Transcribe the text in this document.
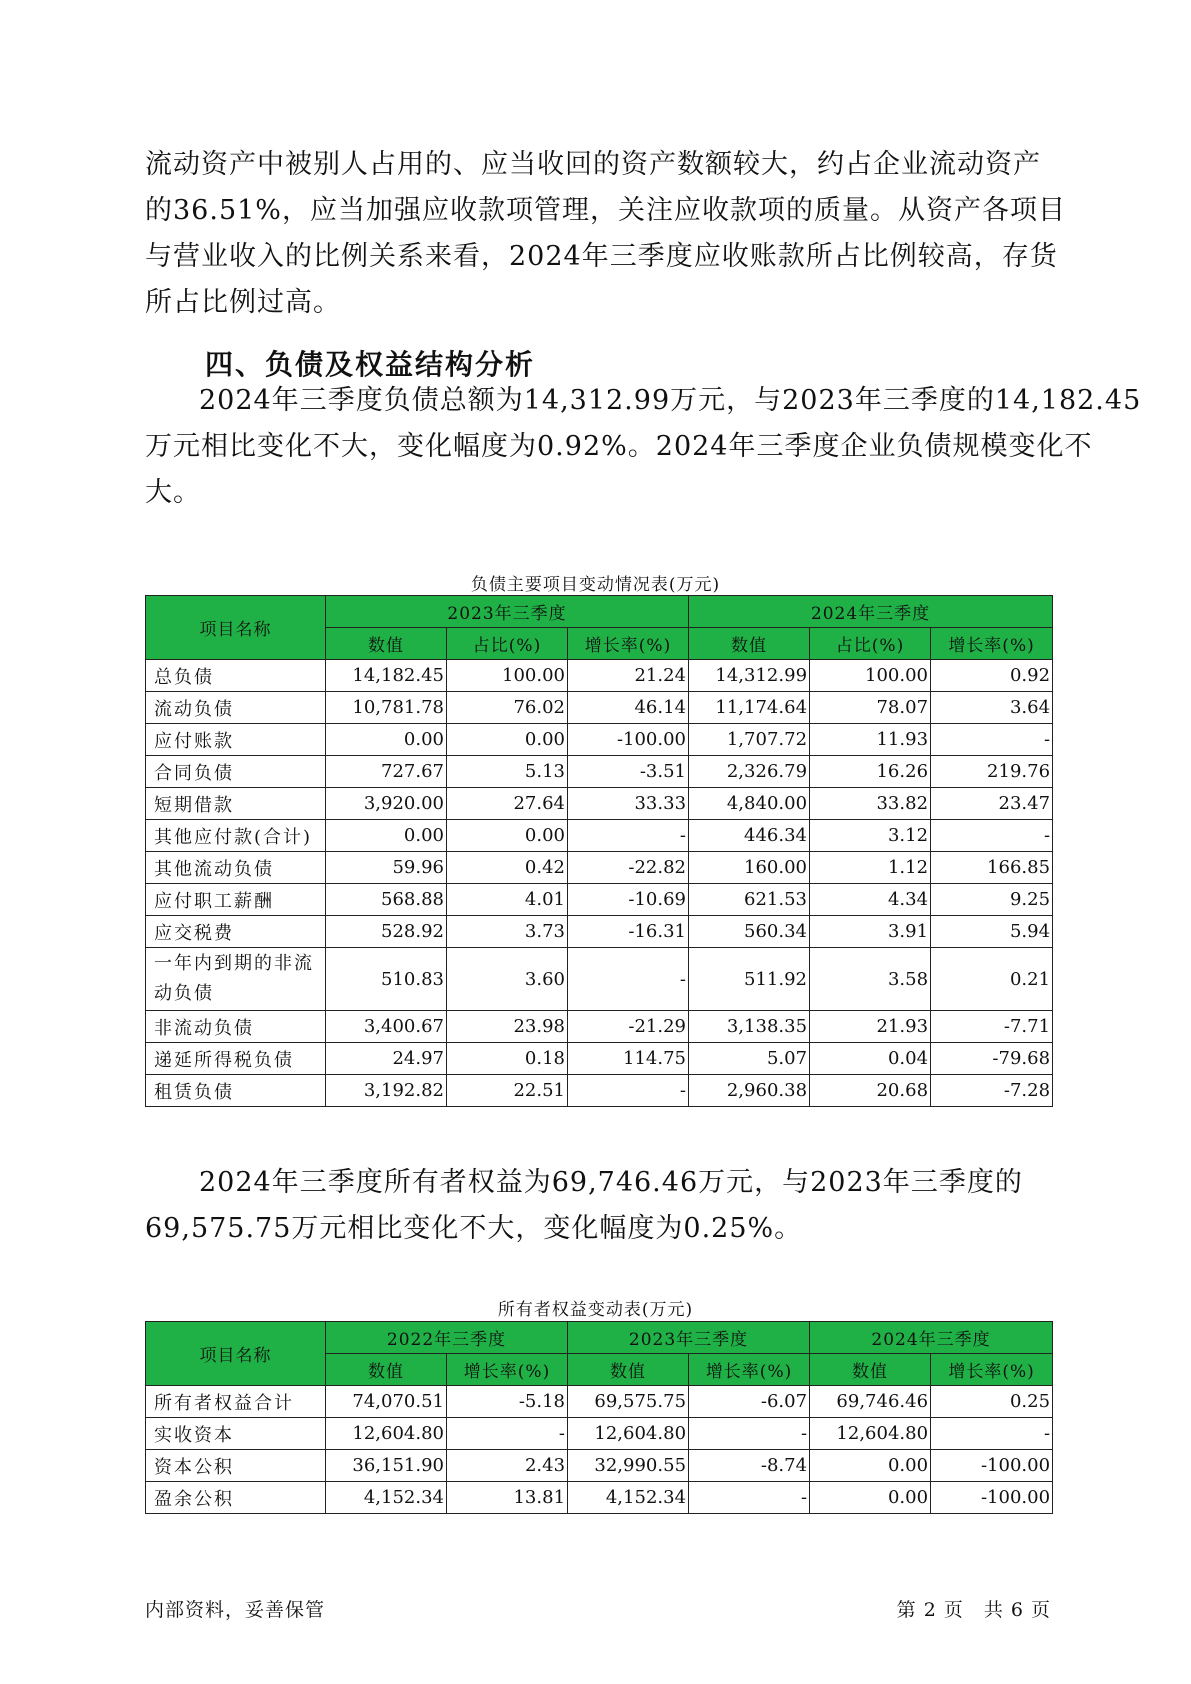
流动资产中被别人占用的、应当收回的资产数额较大，约占企业流动资产
的36.51%，应当加强应收款项管理，关注应收款项的质量。从资产各项目
与营业收入的比例关系来看，2024年三季度应收账款所占比例较高，存货
所占比例过高。
四、负债及权益结构分析
2024年三季度负债总额为14,312.99万元，与2023年三季度的14,182.45
万元相比变化不大，变化幅度为0.92%。2024年三季度企业负债规模变化不
大。
负债主要项目变动情况表(万元)
项目名称	2023年三季度			2024年三季度		
	数值	占比(%)	增长率(%)	数值	占比(%)	增长率(%)
总负债	14,182.45	100.00	21.24	14,312.99	100.00	0.92
流动负债	10,781.78	76.02	46.14	11,174.64	78.07	3.64
应付账款	0.00	0.00	-100.00	1,707.72	11.93	-
合同负债	727.67	5.13	-3.51	2,326.79	16.26	219.76
短期借款	3,920.00	27.64	33.33	4,840.00	33.82	23.47
其他应付款(合计)	0.00	0.00	-	446.34	3.12	-
其他流动负债	59.96	0.42	-22.82	160.00	1.12	166.85
应付职工薪酬	568.88	4.01	-10.69	621.53	4.34	9.25
应交税费	528.92	3.73	-16.31	560.34	3.91	5.94
一年内到期的非流动负债	510.83	3.60	-	511.92	3.58	0.21
非流动负债	3,400.67	23.98	-21.29	3,138.35	21.93	-7.71
递延所得税负债	24.97	0.18	114.75	5.07	0.04	-79.68
租赁负债	3,192.82	22.51	-	2,960.38	20.68	-7.28
2024年三季度所有者权益为69,746.46万元，与2023年三季度的
69,575.75万元相比变化不大，变化幅度为0.25%。
所有者权益变动表(万元)
项目名称	2022年三季度		2023年三季度		2024年三季度	
	数值	增长率(%)	数值	增长率(%)	数值	增长率(%)
所有者权益合计	74,070.51	-5.18	69,575.75	-6.07	69,746.46	0.25
实收资本	12,604.80	-	12,604.80	-	12,604.80	-
资本公积	36,151.90	2.43	32,990.55	-8.74	0.00	-100.00
盈余公积	4,152.34	13.81	4,152.34	-	0.00	-100.00
内部资料，妥善保管	第 2 页　共 6 页
